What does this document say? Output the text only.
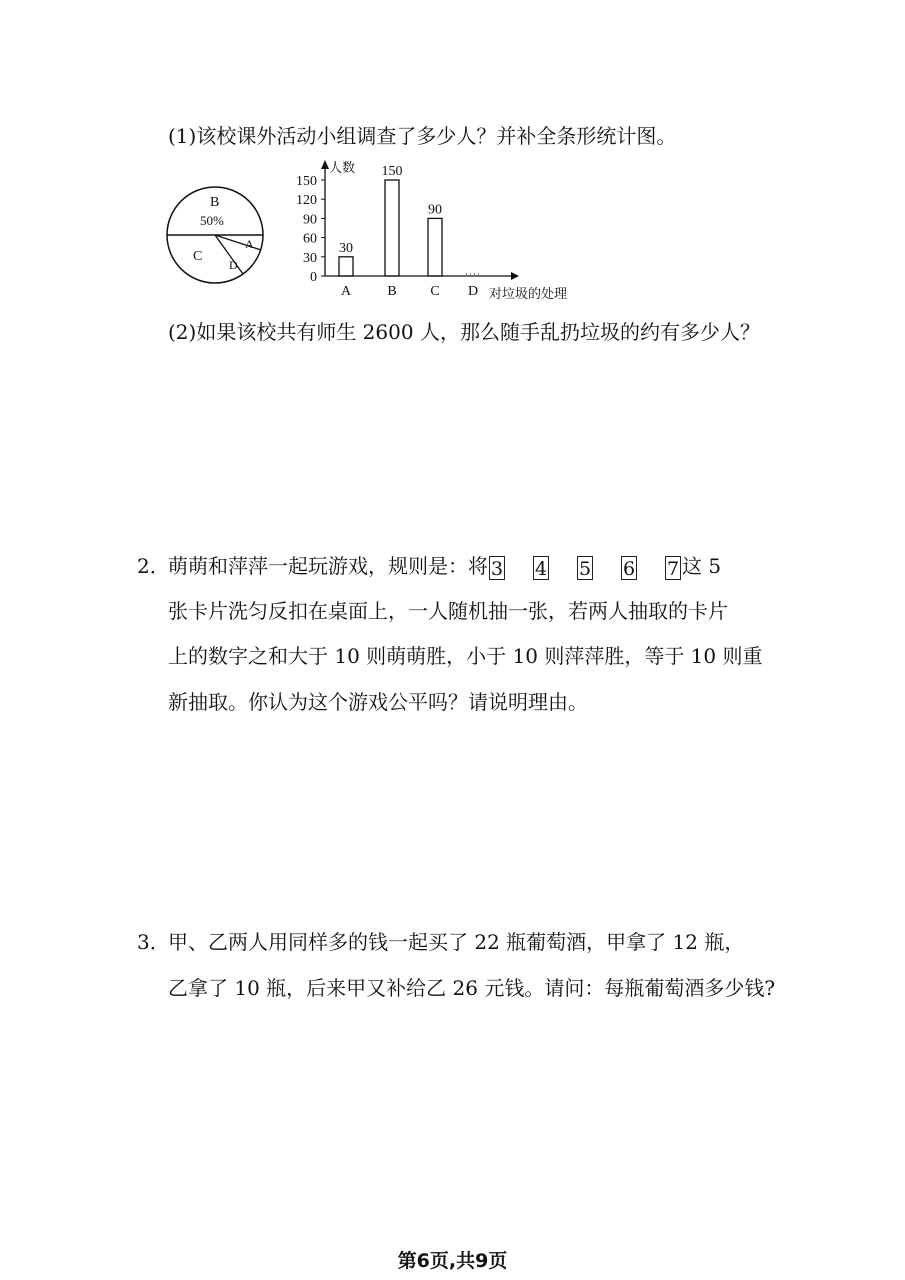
(1)该校课外活动小组调查了多少人？并补全条形统计图。
B
50%
C
D
A
人数
对垃圾的处理
0
30
60
90
120
150
30
A
150
B
90
C D
(2)如果该校共有师生 2600 人，那么随手乱扔垃圾的约有多少人？
2．
萌萌和萍萍一起玩游戏，规则是：将 3 4 5 6 7 这 5
张卡片洗匀反扣在桌面上，一人随机抽一张，若两人抽取的卡片
上的数字之和大于 10 则萌萌胜，小于 10 则萍萍胜，等于 10 则重
新抽取。你认为这个游戏公平吗？请说明理由。
3．
甲、乙两人用同样多的钱一起买了 22 瓶葡萄酒，甲拿了 12 瓶，
乙拿了 10 瓶，后来甲又补给乙 26 元钱。请问：每瓶葡萄酒多少钱?
第6页,共9页
